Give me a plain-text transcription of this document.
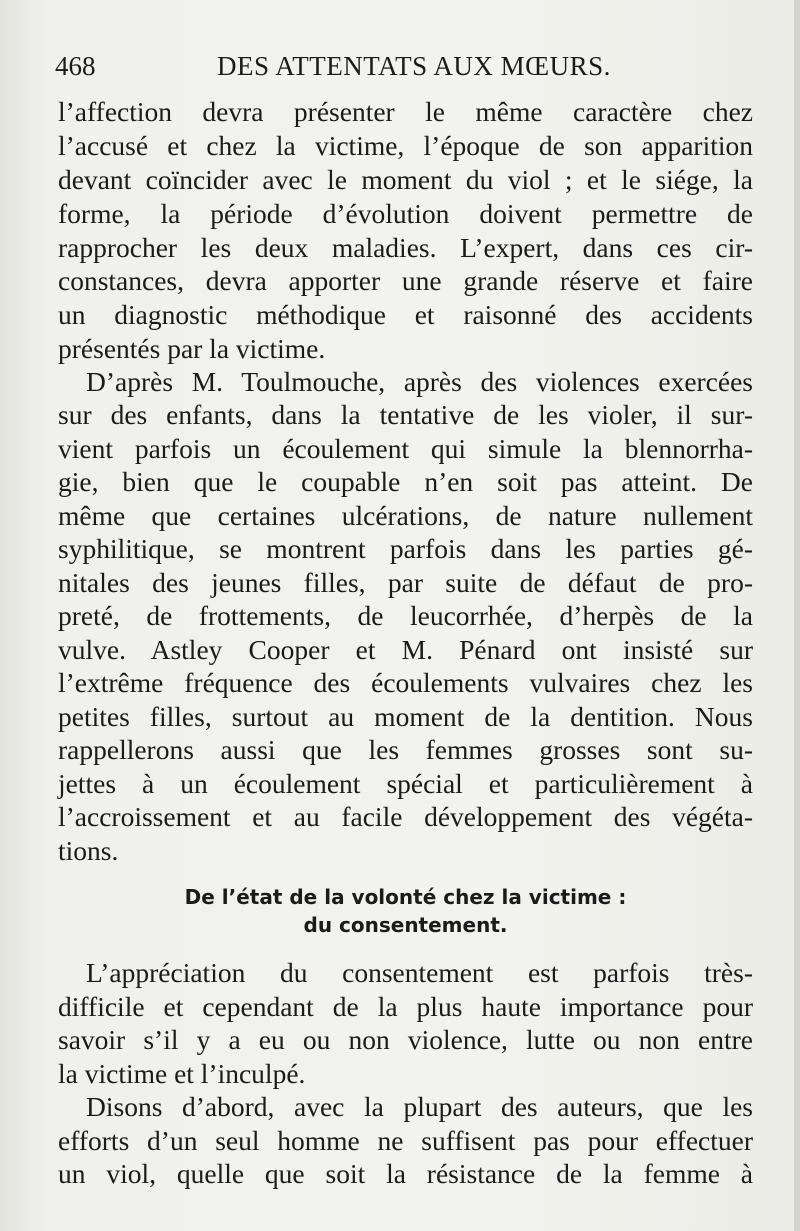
468	DES ATTENTATS AUX MŒURS.
l’affection devra présenter le même caractère chez
l’accusé et chez la victime, l’époque de son apparition
devant coïncider avec le moment du viol ; et le siége, la
forme, la période d’évolution doivent permettre de
rapprocher les deux maladies. L’expert, dans ces cir-
constances, devra apporter une grande réserve et faire
un diagnostic méthodique et raisonné des accidents
présentés par la victime.
D’après M. Toulmouche, après des violences exercées
sur des enfants, dans la tentative de les violer, il sur-
vient parfois un écoulement qui simule la blennorrha-
gie, bien que le coupable n’en soit pas atteint. De
même que certaines ulcérations, de nature nullement
syphilitique, se montrent parfois dans les parties gé-
nitales des jeunes filles, par suite de défaut de pro-
preté, de frottements, de leucorrhée, d’herpès de la
vulve. Astley Cooper et M. Pénard ont insisté sur
l’extrême fréquence des écoulements vulvaires chez les
petites filles, surtout au moment de la dentition. Nous
rappellerons aussi que les femmes grosses sont su-
jettes à un écoulement spécial et particulièrement à
l’accroissement et au facile développement des végéta-
tions.
De l’état de la volonté chez la victime :
du consentement.
L’appréciation du consentement est parfois très-
difficile et cependant de la plus haute importance pour
savoir s’il y a eu ou non violence, lutte ou non entre
la victime et l’inculpé.
Disons d’abord, avec la plupart des auteurs, que les
efforts d’un seul homme ne suffisent pas pour effectuer
un viol, quelle que soit la résistance de la femme à
